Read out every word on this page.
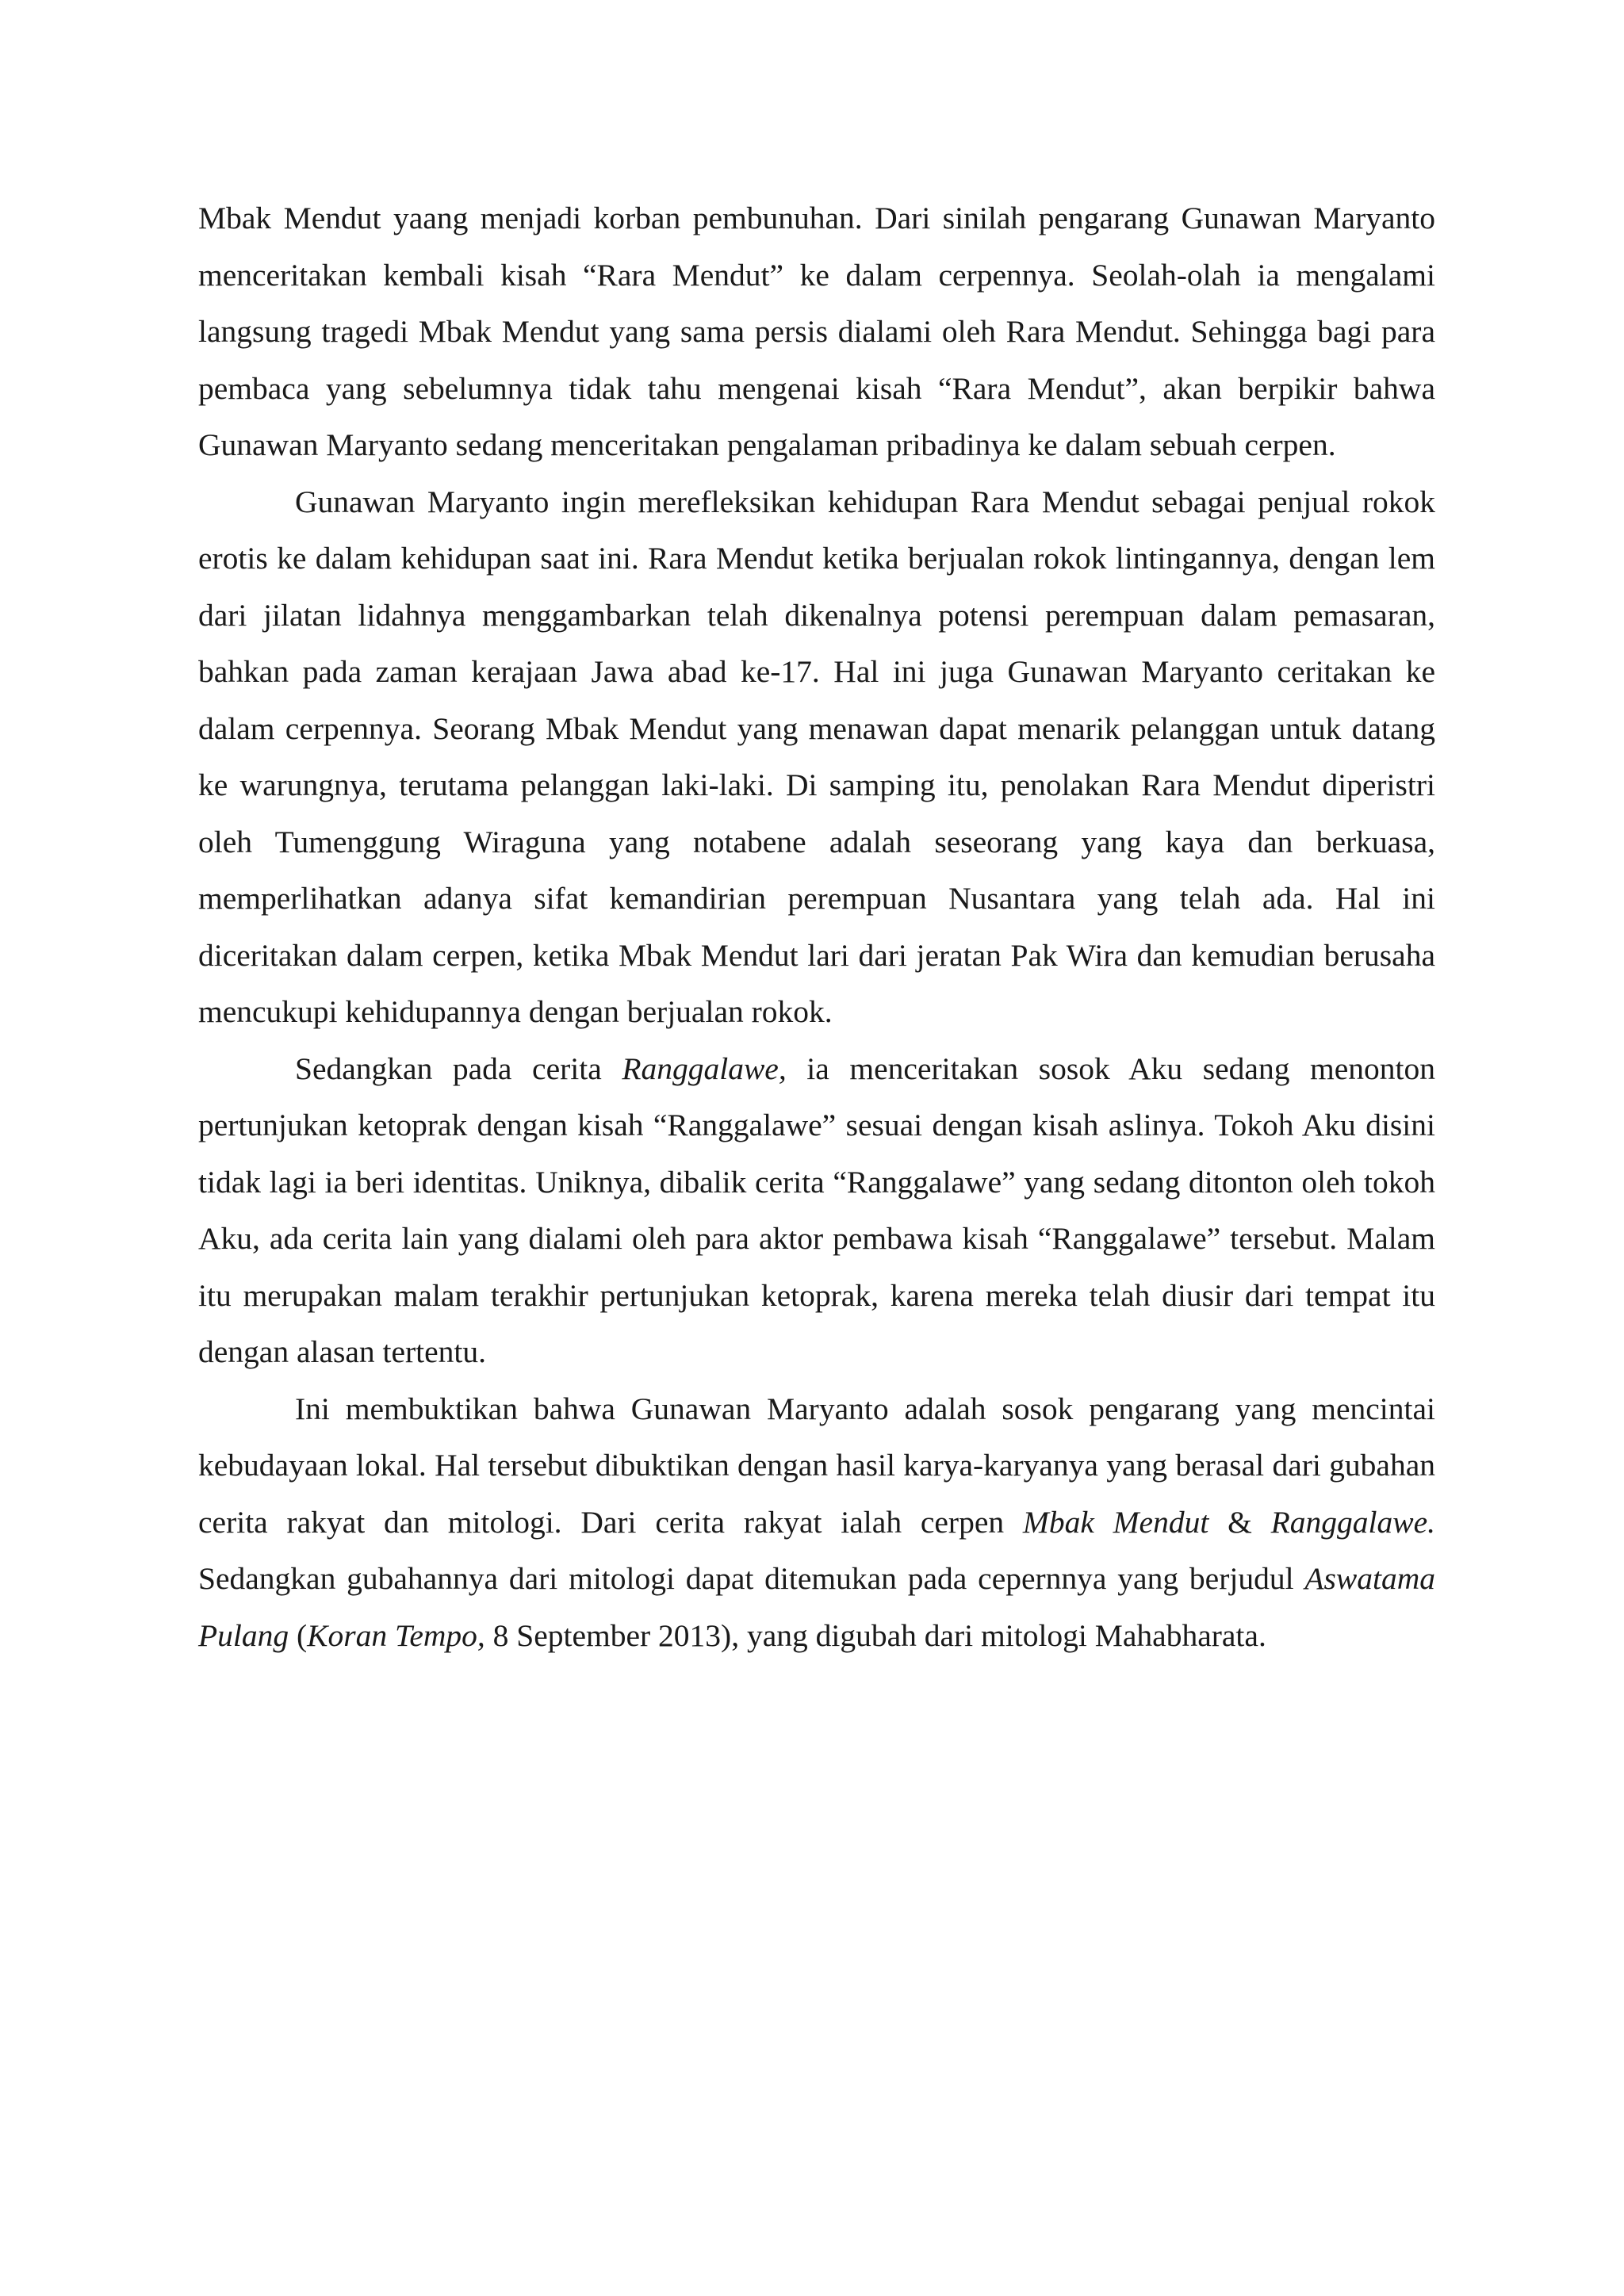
Mbak Mendut yaang menjadi korban pembunuhan. Dari sinilah pengarang Gunawan Maryanto menceritakan kembali kisah “Rara Mendut” ke dalam cerpennya. Seolah-olah ia mengalami langsung tragedi Mbak Mendut yang sama persis dialami oleh Rara Mendut. Sehingga bagi para pembaca yang sebelumnya tidak tahu mengenai kisah “Rara Mendut”, akan berpikir bahwa Gunawan Maryanto sedang menceritakan pengalaman pribadinya ke dalam sebuah cerpen.

Gunawan Maryanto ingin merefleksikan kehidupan Rara Mendut sebagai penjual rokok erotis ke dalam kehidupan saat ini. Rara Mendut ketika berjualan rokok lintingannya, dengan lem dari jilatan lidahnya menggambarkan telah dikenalnya potensi perempuan dalam pemasaran, bahkan pada zaman kerajaan Jawa abad ke-17. Hal ini juga Gunawan Maryanto ceritakan ke dalam cerpennya. Seorang Mbak Mendut yang menawan dapat menarik pelanggan untuk datang ke warungnya, terutama pelanggan laki-laki. Di samping itu, penolakan Rara Mendut diperistri oleh Tumenggung Wiraguna yang notabene adalah seseorang yang kaya dan berkuasa, memperlihatkan adanya sifat kemandirian perempuan Nusantara yang telah ada. Hal ini diceritakan dalam cerpen, ketika Mbak Mendut lari dari jeratan Pak Wira dan kemudian berusaha mencukupi kehidupannya dengan berjualan rokok.

Sedangkan pada cerita Ranggalawe, ia menceritakan sosok Aku sedang menonton pertunjukan ketoprak dengan kisah “Ranggalawe” sesuai dengan kisah aslinya. Tokoh Aku disini tidak lagi ia beri identitas. Uniknya, dibalik cerita “Ranggalawe” yang sedang ditonton oleh tokoh Aku, ada cerita lain yang dialami oleh para aktor pembawa kisah “Ranggalawe” tersebut. Malam itu merupakan malam terakhir pertunjukan ketoprak, karena mereka telah diusir dari tempat itu dengan alasan tertentu.

Ini membuktikan bahwa Gunawan Maryanto adalah sosok pengarang yang mencintai kebudayaan lokal. Hal tersebut dibuktikan dengan hasil karya-karyanya yang berasal dari gubahan cerita rakyat dan mitologi. Dari cerita rakyat ialah cerpen Mbak Mendut & Ranggalawe. Sedangkan gubahannya dari mitologi dapat ditemukan pada cepernnya yang berjudul Aswatama Pulang (Koran Tempo, 8 September 2013), yang digubah dari mitologi Mahabharata.
